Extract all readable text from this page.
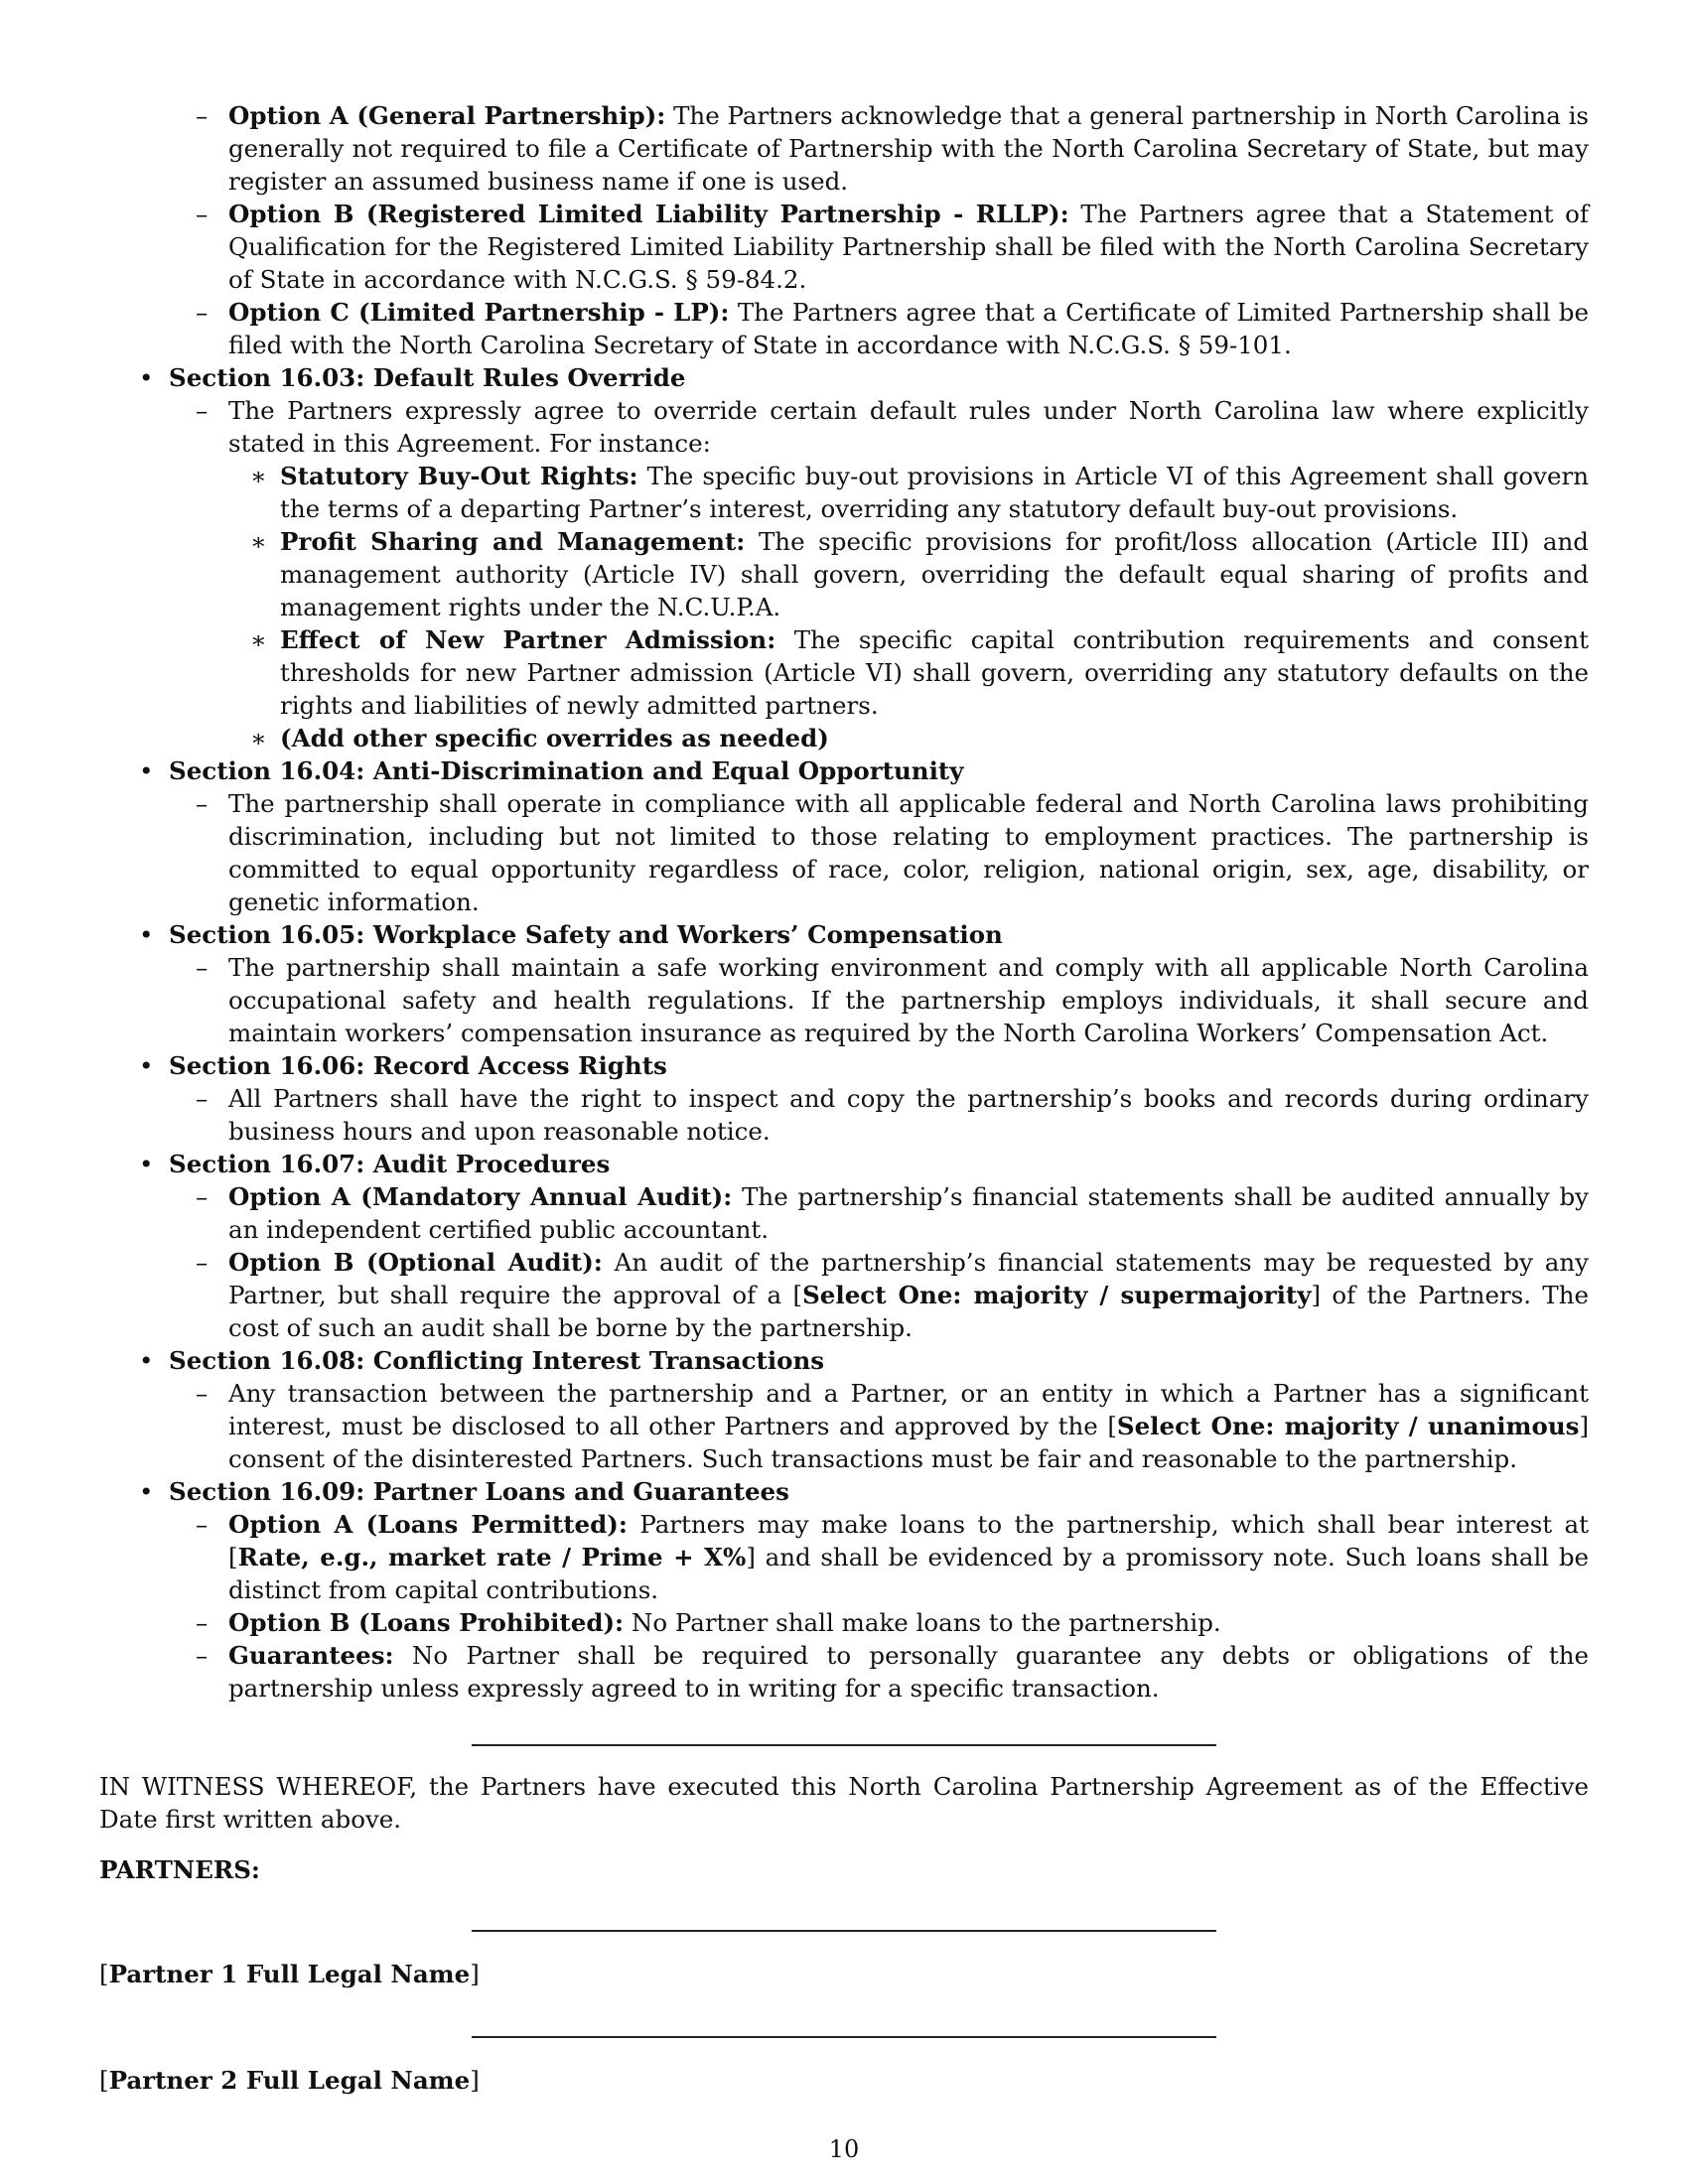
– Option A (General Partnership): The Partners acknowledge that a general partnership in North Carolina is generally not required to file a Certificate of Partnership with the North Carolina Secretary of State, but may register an assumed business name if one is used.
– Option B (Registered Limited Liability Partnership - RLLP): The Partners agree that a Statement of Qualification for the Registered Limited Liability Partnership shall be filed with the North Carolina Secretary of State in accordance with N.C.G.S. § 59-84.2.
– Option C (Limited Partnership - LP): The Partners agree that a Certificate of Limited Partnership shall be filed with the North Carolina Secretary of State in accordance with N.C.G.S. § 59-101.
• Section 16.03: Default Rules Override
– The Partners expressly agree to override certain default rules under North Carolina law where explicitly stated in this Agreement. For instance:
∗ Statutory Buy-Out Rights: The specific buy-out provisions in Article VI of this Agreement shall govern the terms of a departing Partner’s interest, overriding any statutory default buy-out provisions.
∗ Profit Sharing and Management: The specific provisions for profit/loss allocation (Article III) and management authority (Article IV) shall govern, overriding the default equal sharing of profits and management rights under the N.C.U.P.A.
∗ Effect of New Partner Admission: The specific capital contribution requirements and consent thresholds for new Partner admission (Article VI) shall govern, overriding any statutory defaults on the rights and liabilities of newly admitted partners.
∗ (Add other specific overrides as needed)
• Section 16.04: Anti-Discrimination and Equal Opportunity
– The partnership shall operate in compliance with all applicable federal and North Carolina laws prohibiting discrimination, including but not limited to those relating to employment practices. The partnership is committed to equal opportunity regardless of race, color, religion, national origin, sex, age, disability, or genetic information.
• Section 16.05: Workplace Safety and Workers’ Compensation
– The partnership shall maintain a safe working environment and comply with all applicable North Carolina occupational safety and health regulations. If the partnership employs individuals, it shall secure and maintain workers’ compensation insurance as required by the North Carolina Workers’ Compensation Act.
• Section 16.06: Record Access Rights
– All Partners shall have the right to inspect and copy the partnership’s books and records during ordinary business hours and upon reasonable notice.
• Section 16.07: Audit Procedures
– Option A (Mandatory Annual Audit): The partnership’s financial statements shall be audited annually by an independent certified public accountant.
– Option B (Optional Audit): An audit of the partnership’s financial statements may be requested by any Partner, but shall require the approval of a [Select One: majority / supermajority] of the Partners. The cost of such an audit shall be borne by the partnership.
• Section 16.08: Conflicting Interest Transactions
– Any transaction between the partnership and a Partner, or an entity in which a Partner has a significant interest, must be disclosed to all other Partners and approved by the [Select One: majority / unanimous] consent of the disinterested Partners. Such transactions must be fair and reasonable to the partnership.
• Section 16.09: Partner Loans and Guarantees
– Option A (Loans Permitted): Partners may make loans to the partnership, which shall bear interest at [Rate, e.g., market rate / Prime + X%] and shall be evidenced by a promissory note. Such loans shall be distinct from capital contributions.
– Option B (Loans Prohibited): No Partner shall make loans to the partnership.
– Guarantees: No Partner shall be required to personally guarantee any debts or obligations of the partnership unless expressly agreed to in writing for a specific transaction.
IN WITNESS WHEREOF, the Partners have executed this North Carolina Partnership Agreement as of the Effective Date first written above.
PARTNERS:
[Partner 1 Full Legal Name]
[Partner 2 Full Legal Name]
10
